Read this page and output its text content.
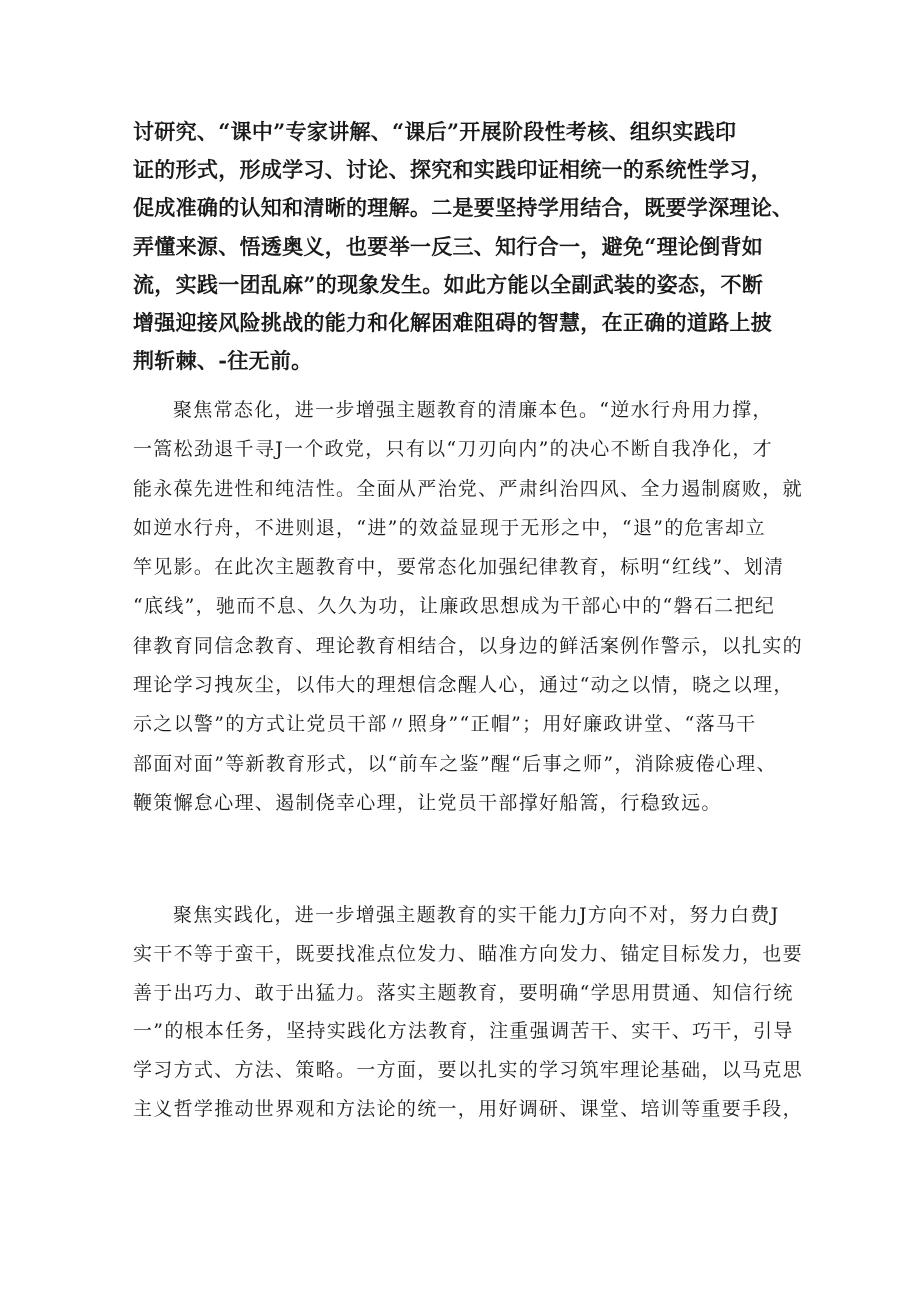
讨研究、“课中”专家讲解、“课后”开展阶段性考核、组织实践印
证的形式，形成学习、讨论、探究和实践印证相统一的系统性学习，
促成准确的认知和清晰的理解。二是要坚持学用结合，既要学深理论、
弄懂来源、悟透奥义，也要举一反三、知行合一，避免“理论倒背如
流，实践一团乱麻”的现象发生。如此方能以全副武装的姿态，不断
增强迎接风险挑战的能力和化解困难阻碍的智慧，在正确的道路上披
荆斩棘、-往无前。
聚焦常态化，进一步增强主题教育的清廉本色。“逆水行舟用力撑，
一篙松劲退千寻J一个政党，只有以“刀刃向内”的决心不断自我净化，才
能永葆先进性和纯洁性。全面从严治党、严肃纠治四风、全力遏制腐败，就
如逆水行舟，不进则退，“进”的效益显现于无形之中，“退”的危害却立
竿见影。在此次主题教育中，要常态化加强纪律教育，标明“红线”、划清
“底线”，驰而不息、久久为功，让廉政思想成为干部心中的“磐石二把纪
律教育同信念教育、理论教育相结合，以身边的鲜活案例作警示，以扎实的
理论学习拽灰尘，以伟大的理想信念醒人心，通过“动之以情，晓之以理，
示之以警”的方式让党员干部〃照身”“正帽”；用好廉政讲堂、“落马干
部面对面”等新教育形式，以“前车之鉴”醒“后事之师”，消除疲倦心理、
鞭策懈怠心理、遏制侥幸心理，让党员干部撑好船篙，行稳致远。
聚焦实践化，进一步增强主题教育的实干能力J方向不对，努力白费J
实干不等于蛮干，既要找准点位发力、瞄准方向发力、锚定目标发力，也要
善于出巧力、敢于出猛力。落实主题教育，要明确“学思用贯通、知信行统
一”的根本任务，坚持实践化方法教育，注重强调苦干、实干、巧干，引导
学习方式、方法、策略。一方面，要以扎实的学习筑牢理论基础，以马克思
主义哲学推动世界观和方法论的统一，用好调研、课堂、培训等重要手段，
